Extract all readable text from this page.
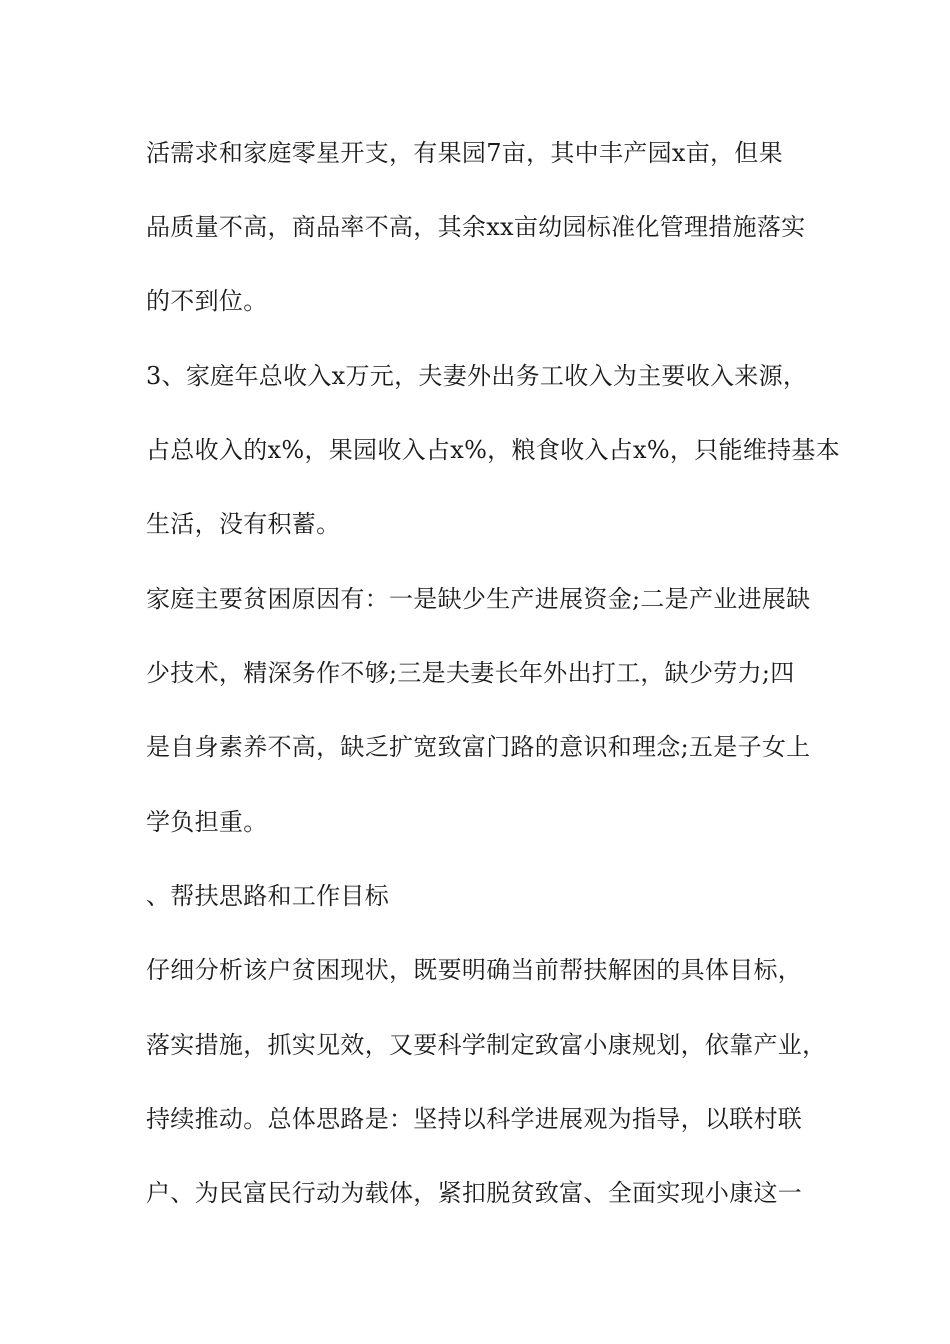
活需求和家庭零星开支，有果园7亩，其中丰产园x亩，但果

品质量不高，商品率不高，其余xx亩幼园标准化管理措施落实

的不到位。

3、家庭年总收入x万元，夫妻外出务工收入为主要收入来源，

占总收入的x%，果园收入占x%，粮食收入占x%，只能维持基本

生活，没有积蓄。

家庭主要贫困原因有：一是缺少生产进展资金;二是产业进展缺

少技术，精深务作不够;三是夫妻长年外出打工，缺少劳力;四

是自身素养不高，缺乏扩宽致富门路的意识和理念;五是子女上

学负担重。

、帮扶思路和工作目标

仔细分析该户贫困现状，既要明确当前帮扶解困的具体目标，

落实措施，抓实见效，又要科学制定致富小康规划，依靠产业，

持续推动。总体思路是：坚持以科学进展观为指导，以联村联

户、为民富民行动为载体，紧扣脱贫致富、全面实现小康这一
